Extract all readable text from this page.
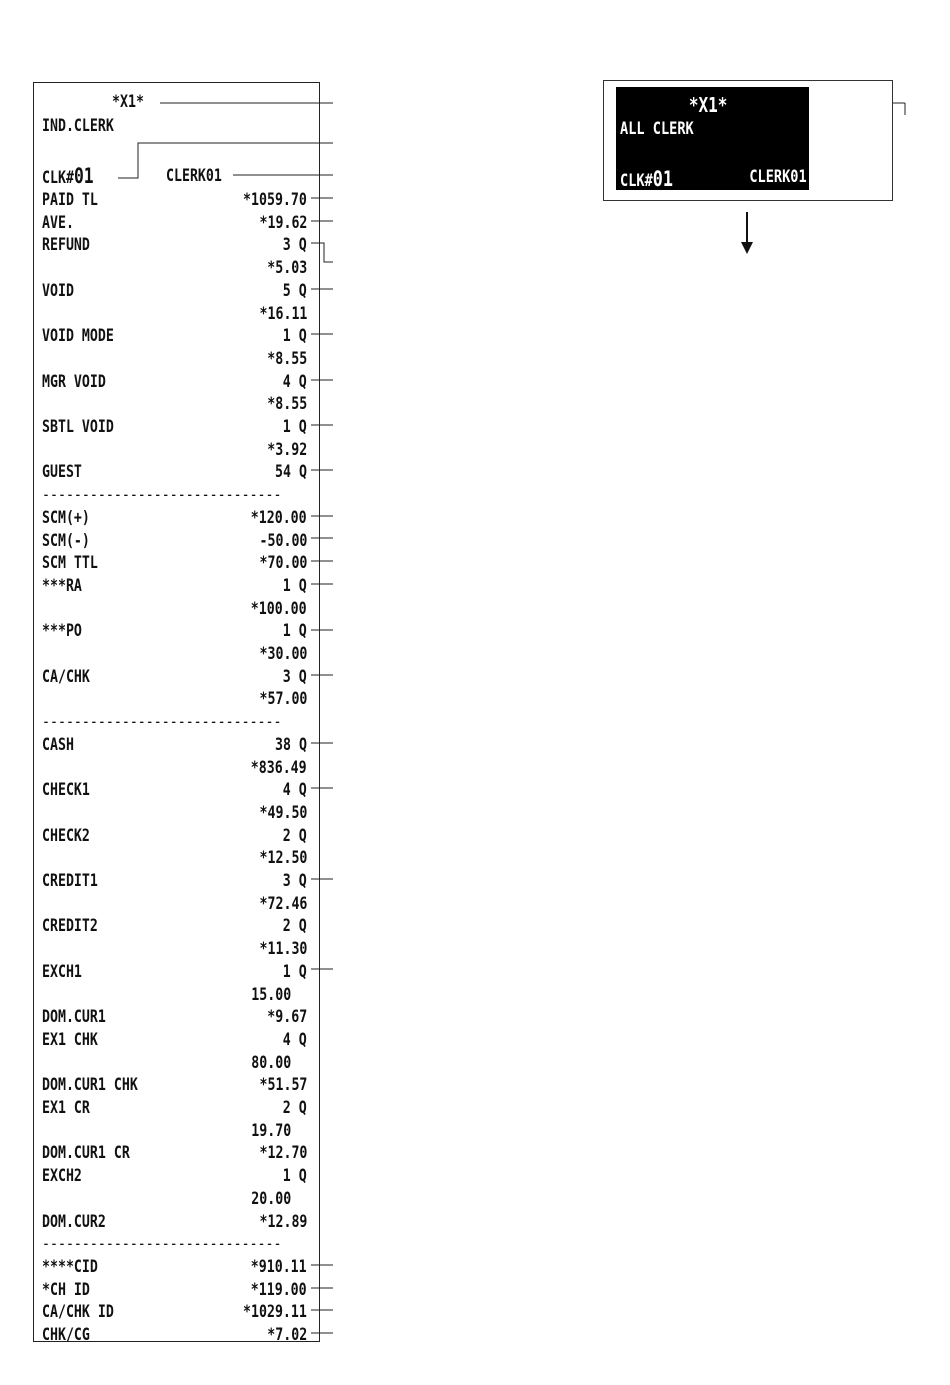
*X1*
IND.CLERK
CLK#01	CLERK01
PAID TL	*1059.70
AVE.	*19.62
REFUND	3 Q
*5.03
VOID	5 Q
*16.11
VOID MODE	1 Q
*8.55
MGR VOID	4 Q
*8.55
SBTL VOID	1 Q
*3.92
GUEST	54 Q
------------------------------
SCM(+)	*120.00
SCM(-)	-50.00
SCM TTL	*70.00
***RA	1 Q
*100.00
***PO	1 Q
*30.00
CA/CHK	3 Q
*57.00
------------------------------
CASH	38 Q
*836.49
CHECK1	4 Q
*49.50
CHECK2	2 Q
*12.50
CREDIT1	3 Q
*72.46
CREDIT2	2 Q
*11.30
EXCH1	1 Q
15.00
DOM.CUR1	*9.67
EX1 CHK	4 Q
80.00
DOM.CUR1 CHK	*51.57
EX1 CR	2 Q
19.70
DOM.CUR1 CR	*12.70
EXCH2	1 Q
20.00
DOM.CUR2	*12.89
------------------------------
****CID	*910.11
*CH ID	*119.00
CA/CHK ID	*1029.11
CHK/CG	*7.02
*X1*
ALL CLERK
CLK#01	CLERK01
